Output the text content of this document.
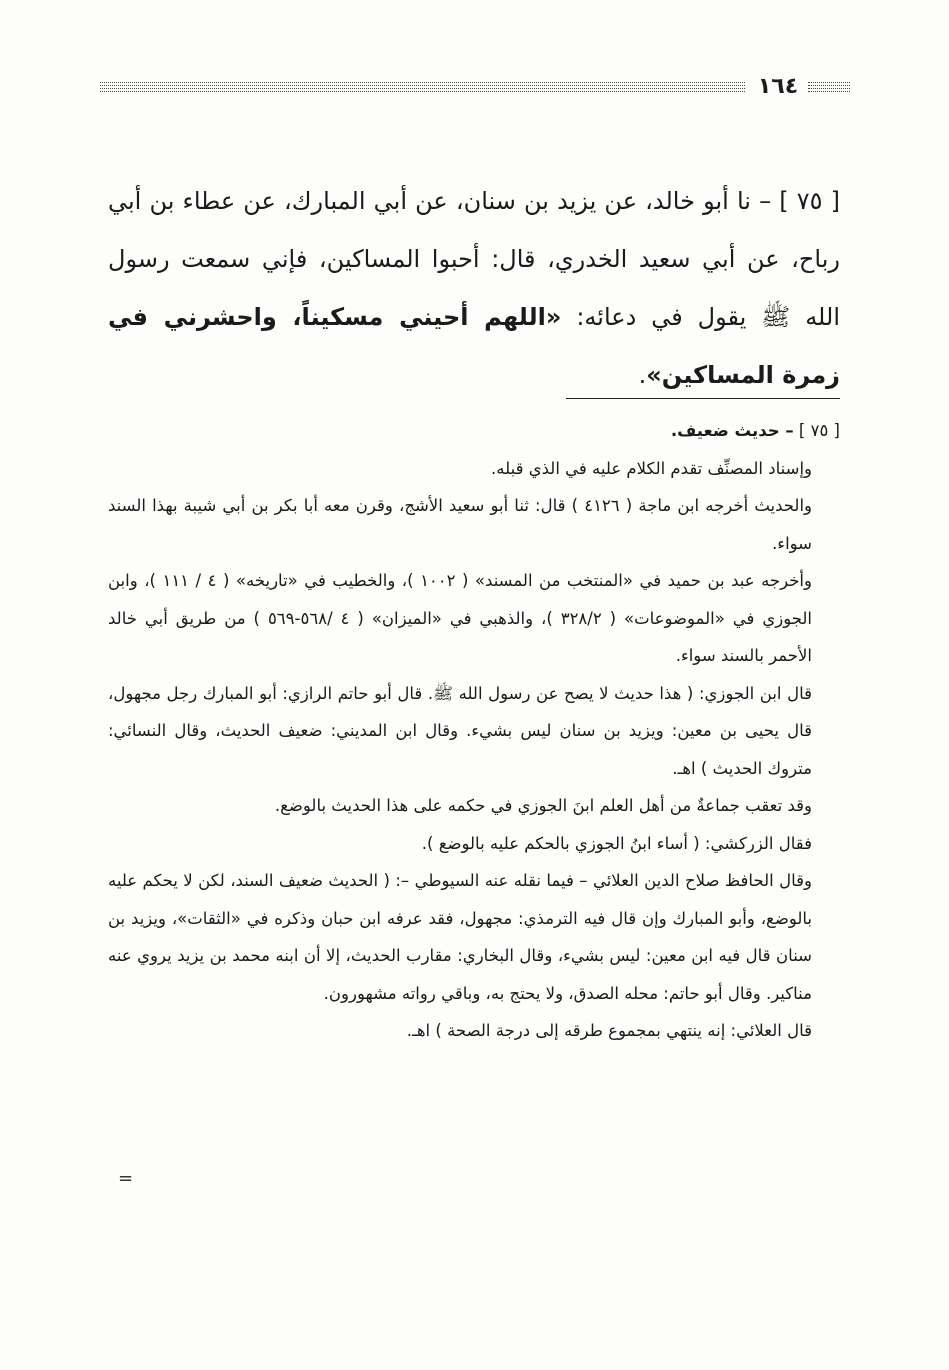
١٦٤

[ ٧٥ ] – نا أبو خالد، عن يزيد بن سنان، عن أبي المبارك، عن عطاء بن أبي رباح، عن أبي سعيد الخدري، قال: أحبوا المساكين، فإني سمعت رسول الله ﷺ يقول في دعائه: «اللهم أحيني مسكيناً، واحشرني في زمرة المساكين».

[ ٧٥ ] – حديث ضعيف.

وإسناد المصنِّف تقدم الكلام عليه في الذي قبله.

والحديث أخرجه ابن ماجة ( ٤١٢٦ ) قال: ثنا أبو سعيد الأشج، وقرن معه أبا بكر بن أبي شيبة بهذا السند سواء.

وأخرجه عبد بن حميد في «المنتخب من المسند» ( ١٠٠٢ )، والخطيب في «تاريخه» ( ٤ / ١١١ )، وابن الجوزي في «الموضوعات» ( ٣٢٨/٢ )، والذهبي في «الميزان» ( ٤ /٥٦٨-٥٦٩ ) من طريق أبي خالد الأحمر بالسند سواء.

قال ابن الجوزي: ( هذا حديث لا يصح عن رسول الله ﷺ. قال أبو حاتم الرازي: أبو المبارك رجل مجهول، قال يحيى بن معين: ويزيد بن سنان ليس بشيء. وقال ابن المديني: ضعيف الحديث، وقال النسائي: متروك الحديث ) اهـ.

وقد تعقب جماعةٌ من أهل العلم ابنَ الجوزي في حكمه على هذا الحديث بالوضع.

فقال الزركشي: ( أساء ابنُ الجوزي بالحكم عليه بالوضع ).

وقال الحافظ صلاح الدين العلائي – فيما نقله عنه السيوطي –: ( الحديث ضعيف السند، لكن لا يحكم عليه بالوضع، وأبو المبارك وإن قال فيه الترمذي: مجهول، فقد عرفه ابن حبان وذكره في «الثقات»، ويزيد بن سنان قال فيه ابن معين: ليس بشيء، وقال البخاري: مقارب الحديث، إلا أن ابنه محمد بن يزيد يروي عنه مناكير. وقال أبو حاتم: محله الصدق، ولا يحتج به، وباقي رواته مشهورون.

قال العلائي: إنه ينتهي بمجموع طرقه إلى درجة الصحة ) اهـ.

=
